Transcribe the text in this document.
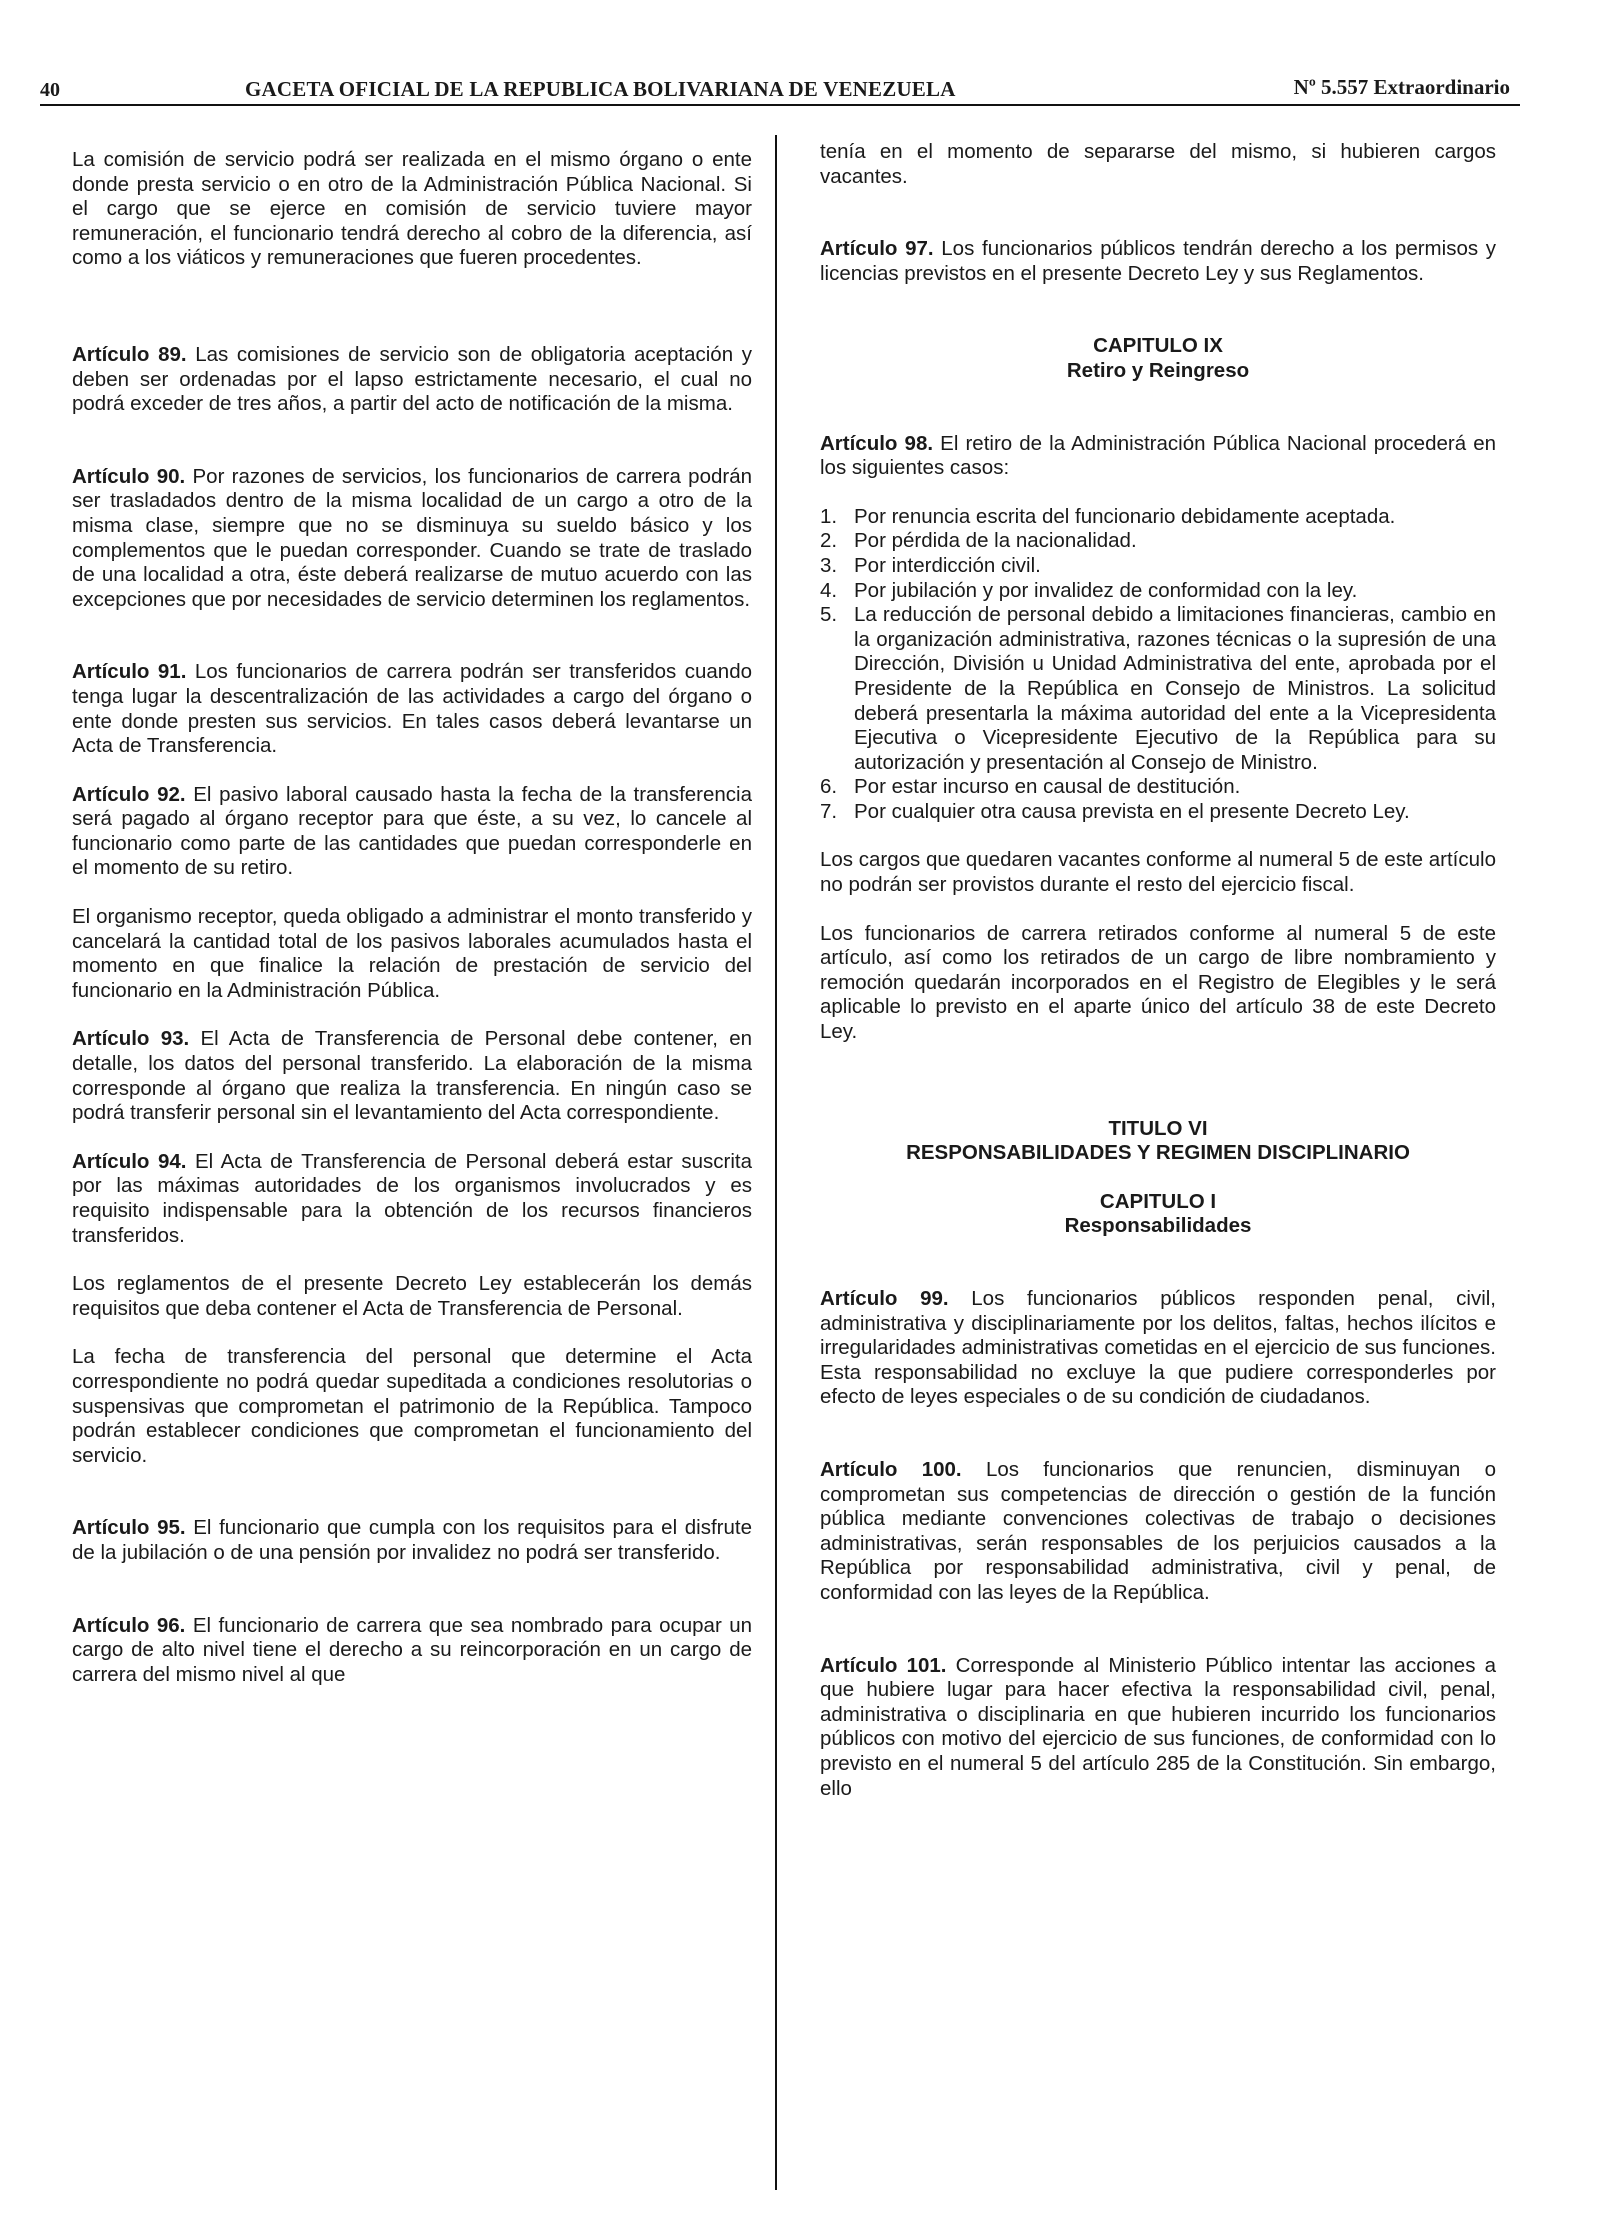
40	GACETA OFICIAL DE LA REPUBLICA BOLIVARIANA DE VENEZUELA	Nº 5.557 Extraordinario

La comisión de servicio podrá ser realizada en el mismo órgano o ente donde presta servicio o en otro de la Administración Pública Nacional. Si el cargo que se ejerce en comisión de servicio tuviere mayor remuneración, el funcionario tendrá derecho al cobro de la diferencia, así como a los viáticos y remuneraciones que fueren procedentes.

Artículo 89. Las comisiones de servicio son de obligatoria aceptación y deben ser ordenadas por el lapso estrictamente necesario, el cual no podrá exceder de tres años, a partir del acto de notificación de la misma.

Artículo 90. Por razones de servicios, los funcionarios de carrera podrán ser trasladados dentro de la misma localidad de un cargo a otro de la misma clase, siempre que no se disminuya su sueldo básico y los complementos que le puedan corresponder. Cuando se trate de traslado de una localidad a otra, éste deberá realizarse de mutuo acuerdo con las excepciones que por necesidades de servicio determinen los reglamentos.

Artículo 91. Los funcionarios de carrera podrán ser transferidos cuando tenga lugar la descentralización de las actividades a cargo del órgano o ente donde presten sus servicios. En tales casos deberá levantarse un Acta de Transferencia.

Artículo 92. El pasivo laboral causado hasta la fecha de la transferencia será pagado al órgano receptor para que éste, a su vez, lo cancele al funcionario como parte de las cantidades que puedan corresponderle en el momento de su retiro.

El organismo receptor, queda obligado a administrar el monto transferido y cancelará la cantidad total de los pasivos laborales acumulados hasta el momento en que finalice la relación de prestación de servicio del funcionario en la Administración Pública.

Artículo 93. El Acta de Transferencia de Personal debe contener, en detalle, los datos del personal transferido. La elaboración de la misma corresponde al órgano que realiza la transferencia. En ningún caso se podrá transferir personal sin el levantamiento del Acta correspondiente.

Artículo 94. El Acta de Transferencia de Personal deberá estar suscrita por las máximas autoridades de los organismos involucrados y es requisito indispensable para la obtención de los recursos financieros transferidos.

Los reglamentos de el presente Decreto Ley establecerán los demás requisitos que deba contener el Acta de Transferencia de Personal.

La fecha de transferencia del personal que determine el Acta correspondiente no podrá quedar supeditada a condiciones resolutorias o suspensivas que comprometan el patrimonio de la República. Tampoco podrán establecer condiciones que comprometan el funcionamiento del servicio.

Artículo 95. El funcionario que cumpla con los requisitos para el disfrute de la jubilación o de una pensión por invalidez no podrá ser transferido.

Artículo 96. El funcionario de carrera que sea nombrado para ocupar un cargo de alto nivel tiene el derecho a su reincorporación en un cargo de carrera del mismo nivel al que

tenía en el momento de separarse del mismo, si hubieren cargos vacantes.

Artículo 97. Los funcionarios públicos tendrán derecho a los permisos y licencias previstos en el presente Decreto Ley y sus Reglamentos.

CAPITULO IX
Retiro y Reingreso

Artículo 98. El retiro de la Administración Pública Nacional procederá en los siguientes casos:

1. Por renuncia escrita del funcionario debidamente aceptada.
2. Por pérdida de la nacionalidad.
3. Por interdicción civil.
4. Por jubilación y por invalidez de conformidad con la ley.
5. La reducción de personal debido a limitaciones financieras, cambio en la organización administrativa, razones técnicas o la supresión de una Dirección, División u Unidad Administrativa del ente, aprobada por el Presidente de la República en Consejo de Ministros. La solicitud deberá presentarla la máxima autoridad del ente a la Vicepresidenta Ejecutiva o Vicepresidente Ejecutivo de la República para su autorización y presentación al Consejo de Ministro.
6. Por estar incurso en causal de destitución.
7. Por cualquier otra causa prevista en el presente Decreto Ley.

Los cargos que quedaren vacantes conforme al numeral 5 de este artículo no podrán ser provistos durante el resto del ejercicio fiscal.

Los funcionarios de carrera retirados conforme al numeral 5 de este artículo, así como los retirados de un cargo de libre nombramiento y remoción quedarán incorporados en el Registro de Elegibles y le será aplicable lo previsto en el aparte único del artículo 38 de este Decreto Ley.

TITULO VI
RESPONSABILIDADES Y REGIMEN DISCIPLINARIO
CAPITULO I
Responsabilidades

Artículo 99. Los funcionarios públicos responden penal, civil, administrativa y disciplinariamente por los delitos, faltas, hechos ilícitos e irregularidades administrativas cometidas en el ejercicio de sus funciones. Esta responsabilidad no excluye la que pudiere corresponderles por efecto de leyes especiales o de su condición de ciudadanos.

Artículo 100. Los funcionarios que renuncien, disminuyan o comprometan sus competencias de dirección o gestión de la función pública mediante convenciones colectivas de trabajo o decisiones administrativas, serán responsables de los perjuicios causados a la República por responsabilidad administrativa, civil y penal, de conformidad con las leyes de la República.

Artículo 101. Corresponde al Ministerio Público intentar las acciones a que hubiere lugar para hacer efectiva la responsabilidad civil, penal, administrativa o disciplinaria en que hubieren incurrido los funcionarios públicos con motivo del ejercicio de sus funciones, de conformidad con lo previsto en el numeral 5 del artículo 285 de la Constitución. Sin embargo, ello
